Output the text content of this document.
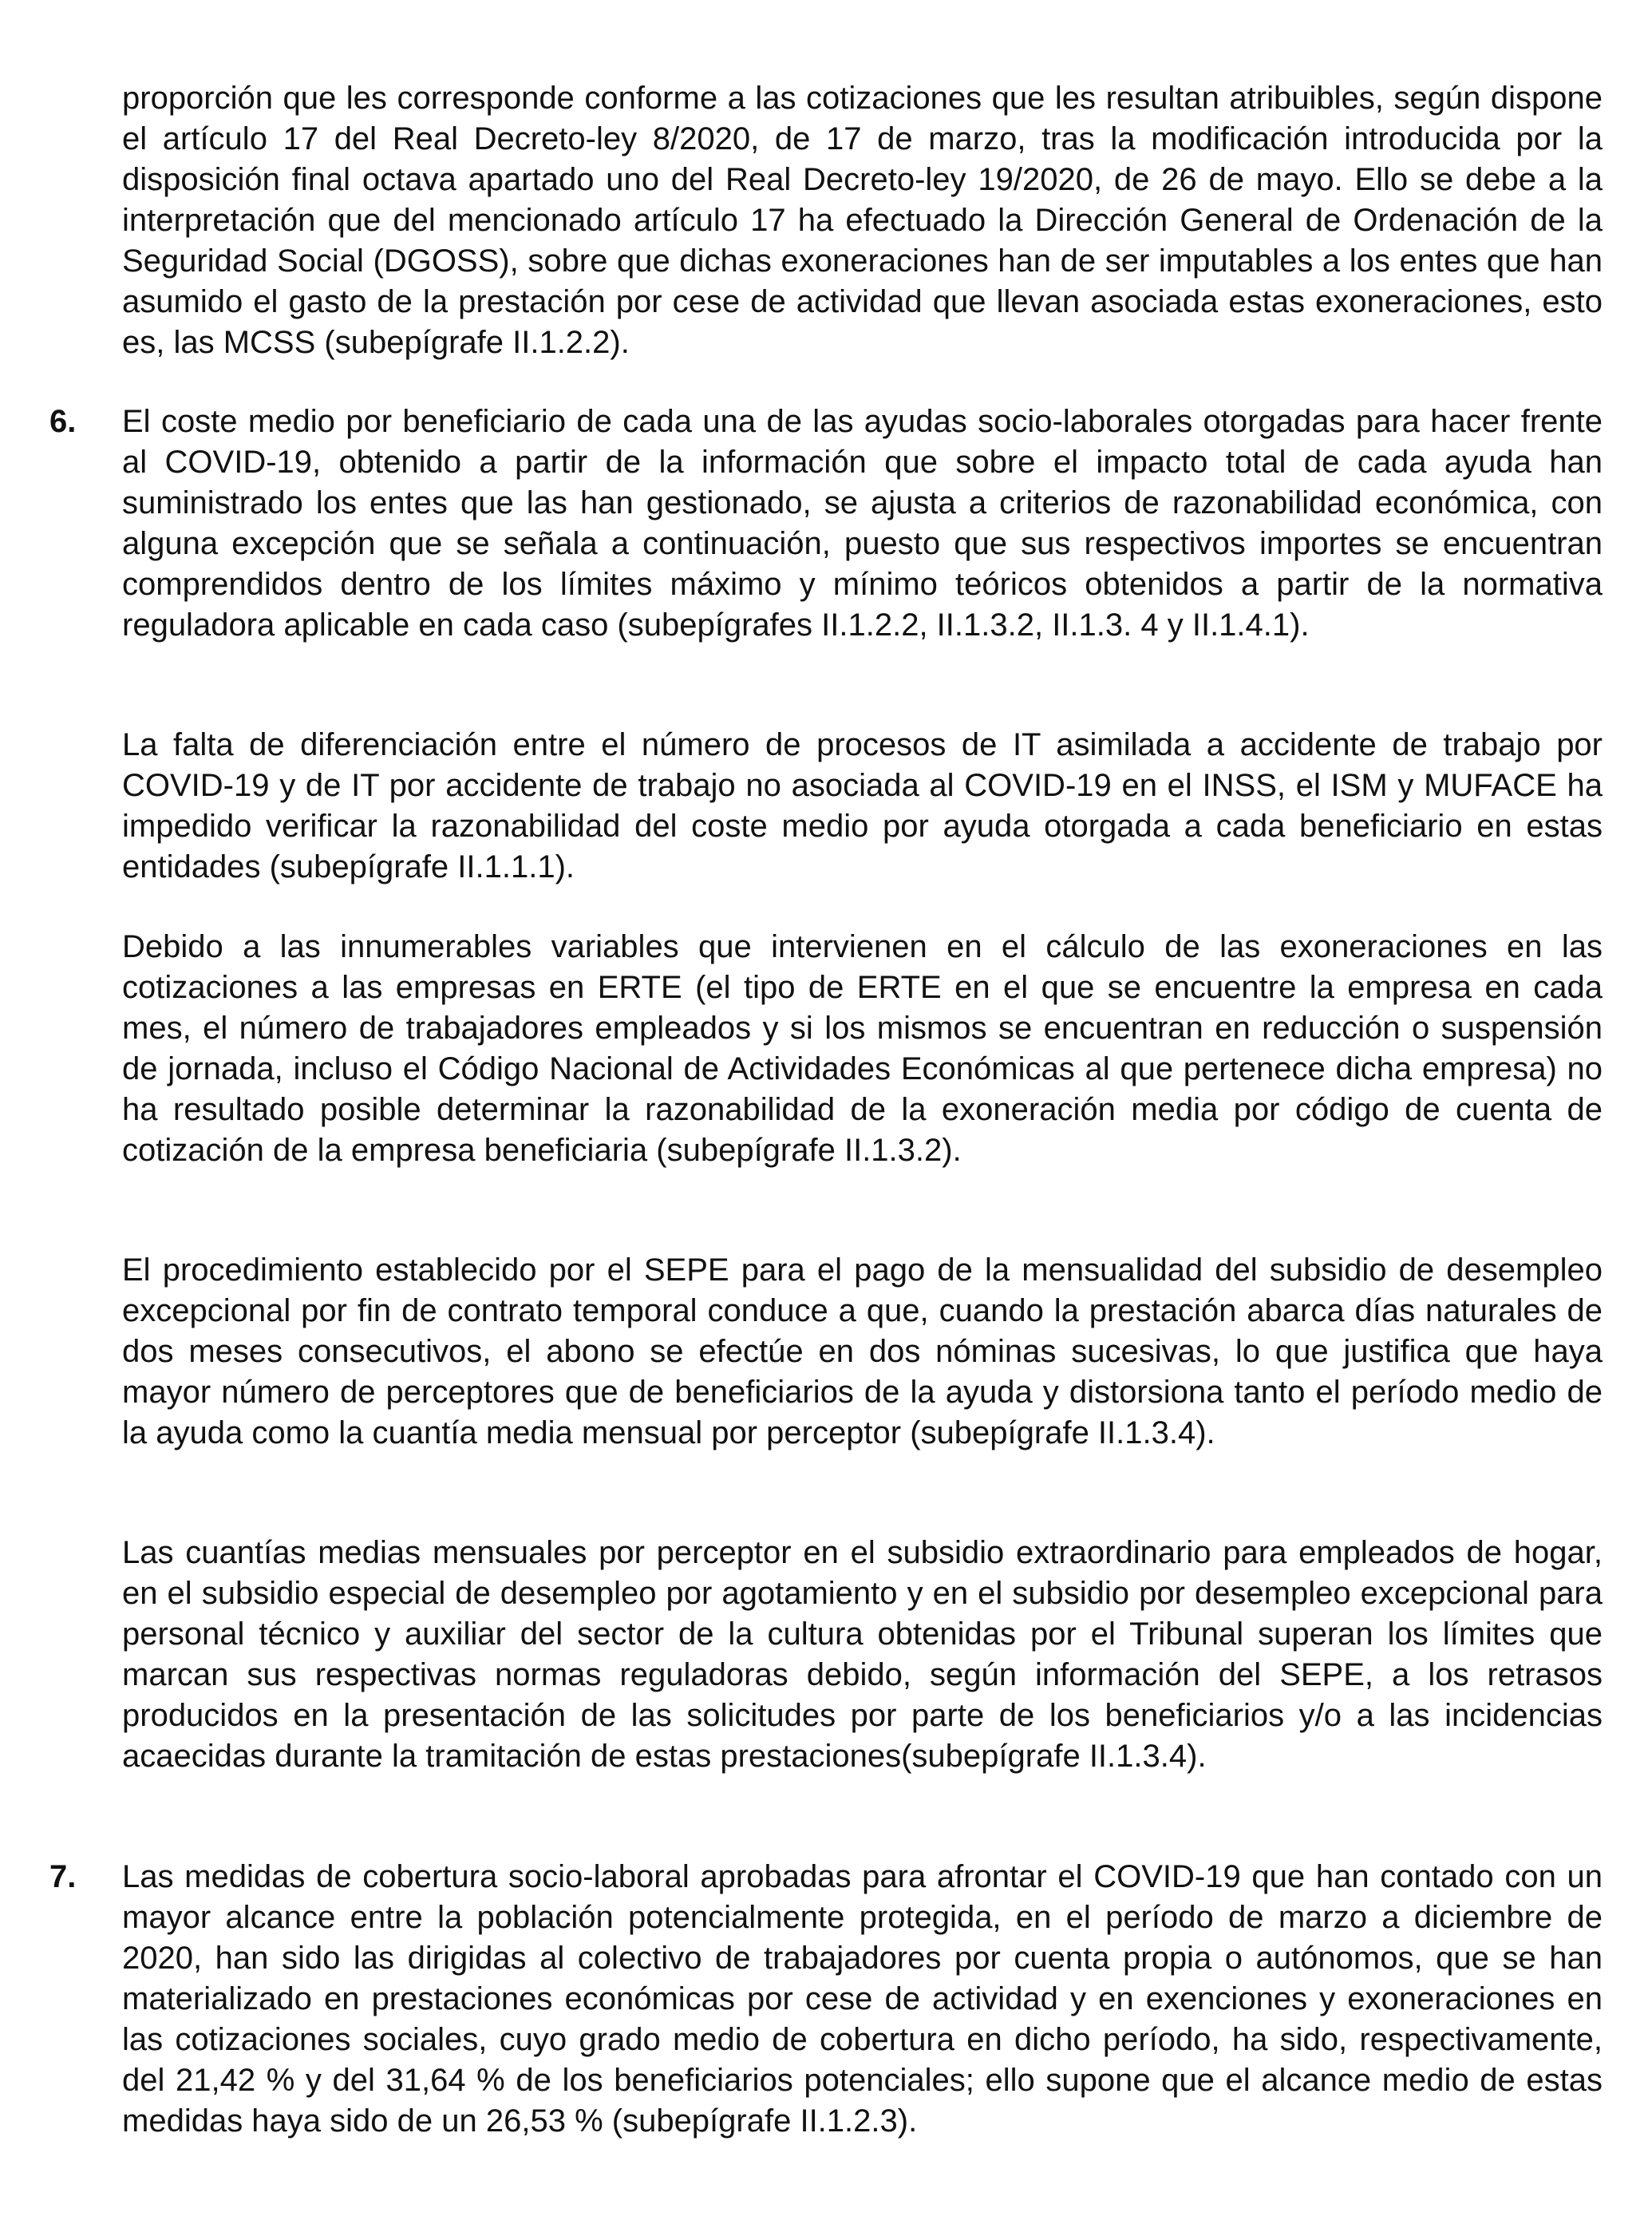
proporción que les corresponde conforme a las cotizaciones que les resultan atribuibles, según dispone el artículo 17 del Real Decreto-ley 8/2020, de 17 de marzo, tras la modificación introducida por la disposición final octava apartado uno del Real Decreto-ley 19/2020, de 26 de mayo. Ello se debe a la interpretación que del mencionado artículo 17 ha efectuado la Dirección General de Ordenación de la Seguridad Social (DGOSS), sobre que dichas exoneraciones han de ser imputables a los entes que han asumido el gasto de la prestación por cese de actividad que llevan asociada estas exoneraciones, esto es, las MCSS (subepígrafe II.1.2.2).

6. El coste medio por beneficiario de cada una de las ayudas socio-laborales otorgadas para hacer frente al COVID-19, obtenido a partir de la información que sobre el impacto total de cada ayuda han suministrado los entes que las han gestionado, se ajusta a criterios de razonabilidad económica, con alguna excepción que se señala a continuación, puesto que sus respectivos importes se encuentran comprendidos dentro de los límites máximo y mínimo teóricos obtenidos a partir de la normativa reguladora aplicable en cada caso (subepígrafes II.1.2.2, II.1.3.2, II.1.3. 4 y II.1.4.1).

La falta de diferenciación entre el número de procesos de IT asimilada a accidente de trabajo por COVID-19 y de IT por accidente de trabajo no asociada al COVID-19 en el INSS, el ISM y MUFACE ha impedido verificar la razonabilidad del coste medio por ayuda otorgada a cada beneficiario en estas entidades (subepígrafe II.1.1.1).

Debido a las innumerables variables que intervienen en el cálculo de las exoneraciones en las cotizaciones a las empresas en ERTE (el tipo de ERTE en el que se encuentre la empresa en cada mes, el número de trabajadores empleados y si los mismos se encuentran en reducción o suspensión de jornada, incluso el Código Nacional de Actividades Económicas al que pertenece dicha empresa) no ha resultado posible determinar la razonabilidad de la exoneración media por código de cuenta de cotización de la empresa beneficiaria (subepígrafe II.1.3.2).

El procedimiento establecido por el SEPE para el pago de la mensualidad del subsidio de desempleo excepcional por fin de contrato temporal conduce a que, cuando la prestación abarca días naturales de dos meses consecutivos, el abono se efectúe en dos nóminas sucesivas, lo que justifica que haya mayor número de perceptores que de beneficiarios de la ayuda y distorsiona tanto el período medio de la ayuda como la cuantía media mensual por perceptor (subepígrafe II.1.3.4).

Las cuantías medias mensuales por perceptor en el subsidio extraordinario para empleados de hogar, en el subsidio especial de desempleo por agotamiento y en el subsidio por desempleo excepcional para personal técnico y auxiliar del sector de la cultura obtenidas por el Tribunal superan los límites que marcan sus respectivas normas reguladoras debido, según información del SEPE, a los retrasos producidos en la presentación de las solicitudes por parte de los beneficiarios y/o a las incidencias acaecidas durante la tramitación de estas prestaciones(subepígrafe II.1.3.4).

7. Las medidas de cobertura socio-laboral aprobadas para afrontar el COVID-19 que han contado con un mayor alcance entre la población potencialmente protegida, en el período de marzo a diciembre de 2020, han sido las dirigidas al colectivo de trabajadores por cuenta propia o autónomos, que se han materializado en prestaciones económicas por cese de actividad y en exenciones y exoneraciones en las cotizaciones sociales, cuyo grado medio de cobertura en dicho período, ha sido, respectivamente, del 21,42 % y del 31,64 % de los beneficiarios potenciales; ello supone que el alcance medio de estas medidas haya sido de un 26,53 % (subepígrafe II.1.2.3).
